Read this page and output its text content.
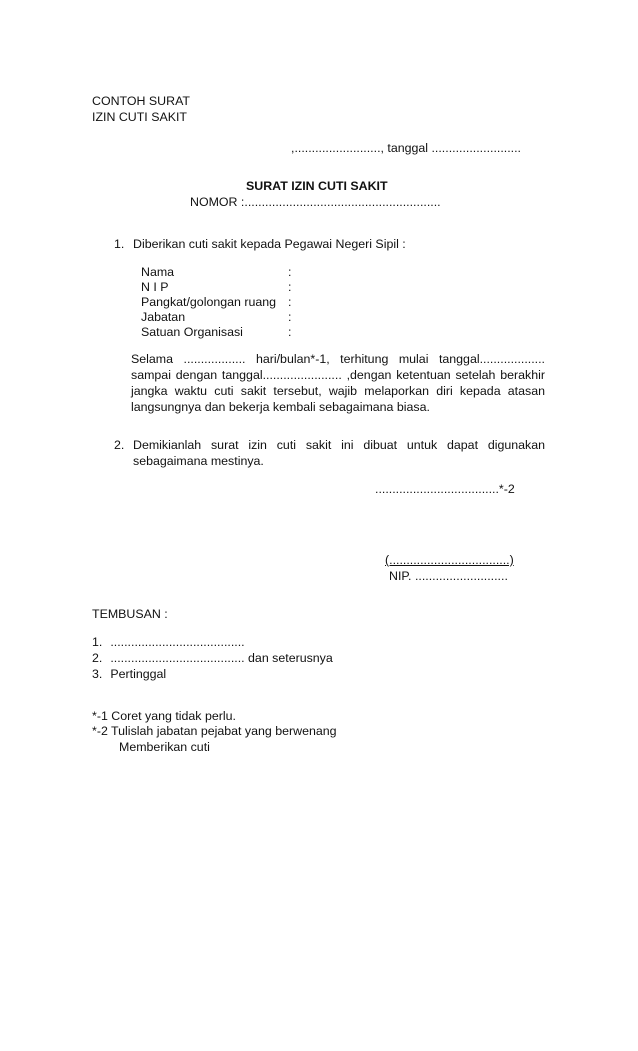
CONTOH SURAT
IZIN CUTI SAKIT
,........................., tanggal ..........................
SURAT IZIN CUTI SAKIT
NOMOR :.........................................................
1. Diberikan cuti sakit kepada Pegawai Negeri Sipil :
Nama	:
N I P	:
Pangkat/golongan ruang :
Jabatan	:
Satuan Organisasi	:
Selama .................. hari/bulan*-1, terhitung mulai tanggal...................
sampai dengan tanggal....................... ,dengan ketentuan setelah berakhir
jangka waktu cuti sakit tersebut, wajib melaporkan diri kepada atasan
langsungnya dan bekerja kembali sebagaimana biasa.
2. Demikianlah surat izin cuti sakit ini dibuat untuk dapat digunakan
sebagaimana mestinya.
....................................*-2
(...................................)
NIP. ...........................
TEMBUSAN :
1. .......................................
2. ....................................... dan seterusnya
3. Pertinggal
*-1 Coret yang tidak perlu.
*-2 Tulislah jabatan pejabat yang berwenang
Memberikan cuti
